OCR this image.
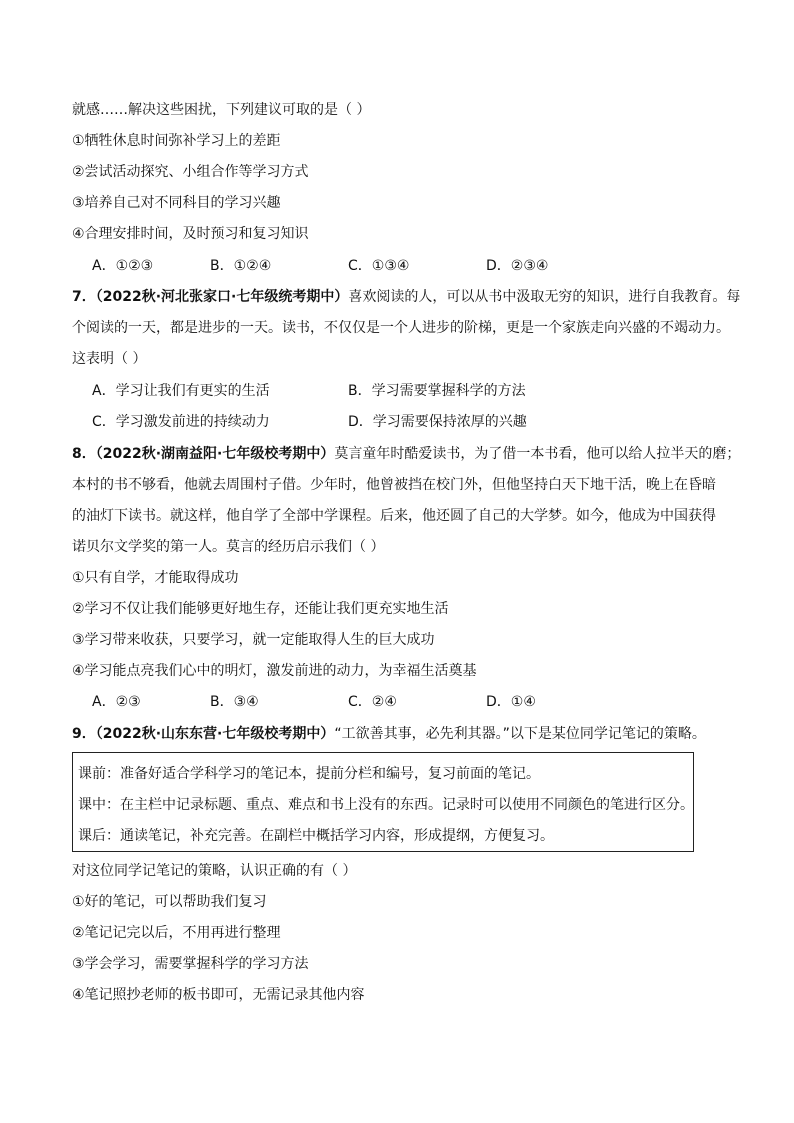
就感……解决这些困扰，下列建议可取的是（ ）
①牺牲休息时间弥补学习上的差距
②尝试活动探究、小组合作等学习方式
③培养自己对不同科目的学习兴趣
④合理安排时间，及时预习和复习知识
A．①②③	B．①②④	C．①③④	D．②③④
7．（2022秋·河北张家口·七年级统考期中）喜欢阅读的人，可以从书中汲取无穷的知识，进行自我教育。每
个阅读的一天，都是进步的一天。读书，不仅仅是一个人进步的阶梯，更是一个家族走向兴盛的不竭动力。
这表明（ ）
A．学习让我们有更实的生活	B．学习需要掌握科学的方法
C．学习激发前进的持续动力	D．学习需要保持浓厚的兴趣
8．（2022秋·湖南益阳·七年级校考期中）莫言童年时酷爱读书，为了借一本书看，他可以给人拉半天的磨；
本村的书不够看，他就去周围村子借。少年时，他曾被挡在校门外，但他坚持白天下地干活，晚上在昏暗
的油灯下读书。就这样，他自学了全部中学课程。后来，他还圆了自己的大学梦。如今，他成为中国获得
诺贝尔文学奖的第一人。莫言的经历启示我们（ ）
①只有自学，才能取得成功
②学习不仅让我们能够更好地生存，还能让我们更充实地生活
③学习带来收获，只要学习，就一定能取得人生的巨大成功
④学习能点亮我们心中的明灯，激发前进的动力，为幸福生活奠基
A．②③	B．③④	C．②④	D．①④
9．（2022秋·山东东营·七年级校考期中）“工欲善其事，必先利其器。”以下是某位同学记笔记的策略。
课前：准备好适合学科学习的笔记本，提前分栏和编号，复习前面的笔记。
课中：在主栏中记录标题、重点、难点和书上没有的东西。记录时可以使用不同颜色的笔进行区分。
课后：通读笔记，补充完善。在副栏中概括学习内容，形成提纲，方便复习。
对这位同学记笔记的策略，认识正确的有（ ）
①好的笔记，可以帮助我们复习
②笔记记完以后，不用再进行整理
③学会学习，需要掌握科学的学习方法
④笔记照抄老师的板书即可，无需记录其他内容
